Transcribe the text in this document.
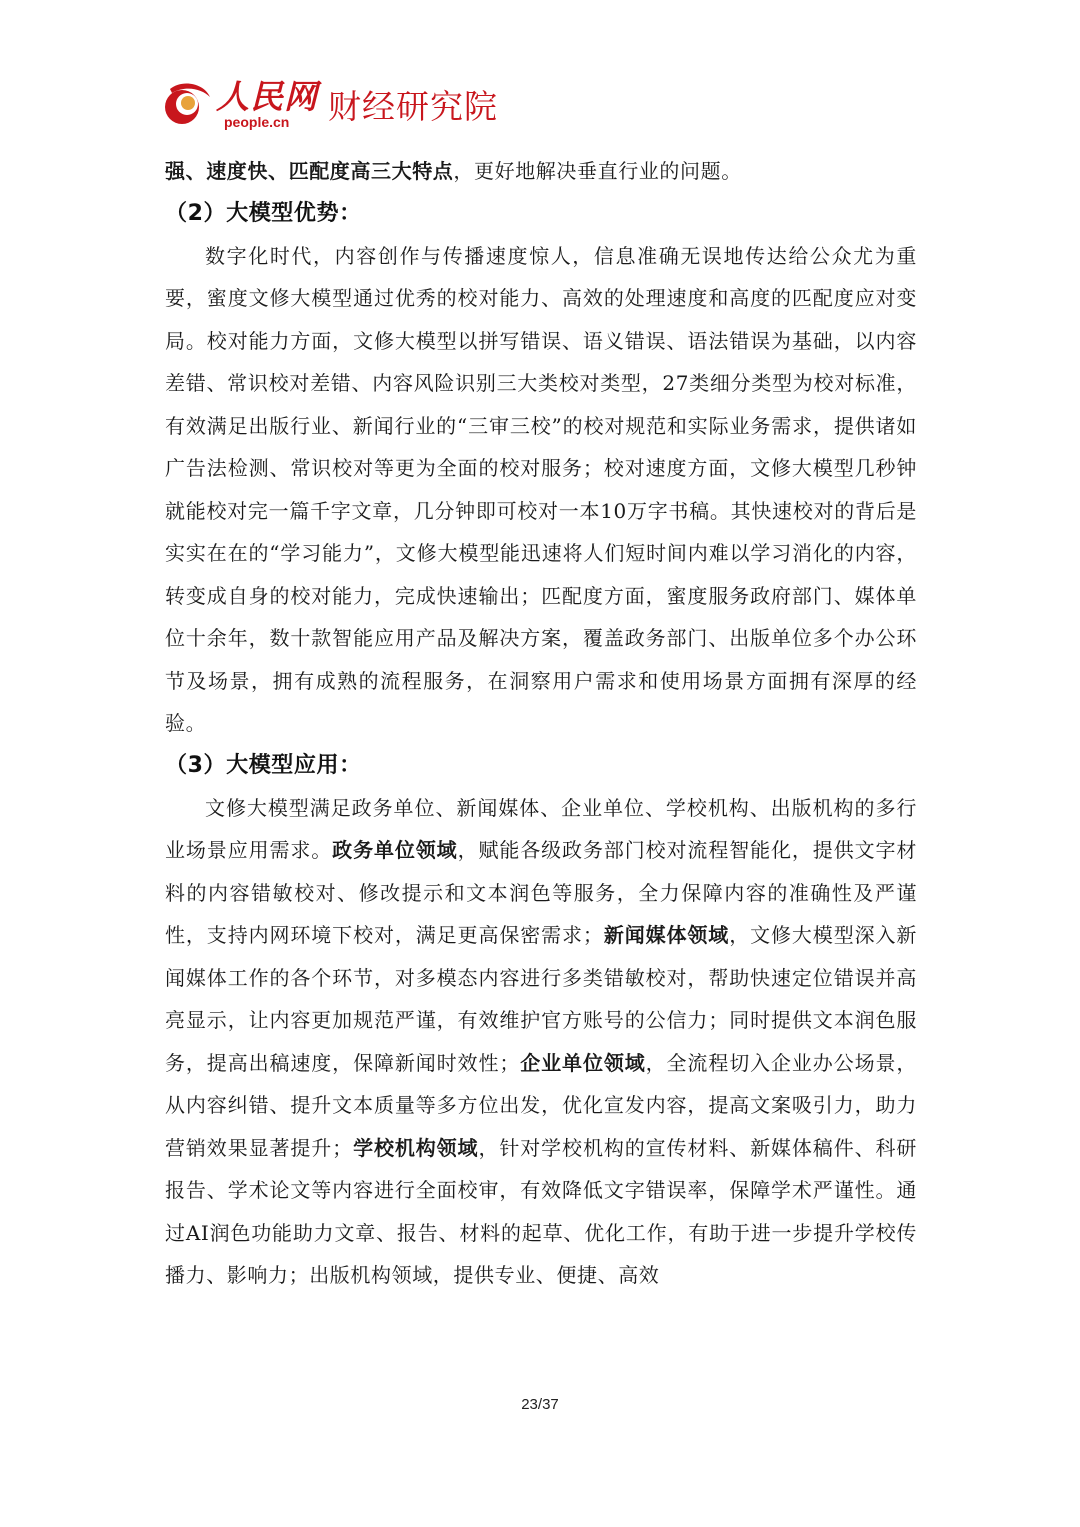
人民网
people.cn	财经研究院

强、速度快、匹配度高三大特点，更好地解决垂直行业的问题。

（2）大模型优势：

数字化时代，内容创作与传播速度惊人，信息准确无误地传达给公众尤为重要，蜜度文修大模型通过优秀的校对能力、高效的处理速度和高度的匹配度应对变局。校对能力方面，文修大模型以拼写错误、语义错误、语法错误为基础，以内容差错、常识校对差错、内容风险识别三大类校对类型，27类细分类型为校对标准，有效满足出版行业、新闻行业的“三审三校”的校对规范和实际业务需求，提供诸如广告法检测、常识校对等更为全面的校对服务；校对速度方面，文修大模型几秒钟就能校对完一篇千字文章，几分钟即可校对一本10万字书稿。其快速校对的背后是实实在在的“学习能力”，文修大模型能迅速将人们短时间内难以学习消化的内容，转变成自身的校对能力，完成快速输出；匹配度方面，蜜度服务政府部门、媒体单位十余年，数十款智能应用产品及解决方案，覆盖政务部门、出版单位多个办公环节及场景，拥有成熟的流程服务，在洞察用户需求和使用场景方面拥有深厚的经验。

（3）大模型应用：

文修大模型满足政务单位、新闻媒体、企业单位、学校机构、出版机构的多行业场景应用需求。政务单位领域，赋能各级政务部门校对流程智能化，提供文字材料的内容错敏校对、修改提示和文本润色等服务，全力保障内容的准确性及严谨性，支持内网环境下校对，满足更高保密需求；新闻媒体领域，文修大模型深入新闻媒体工作的各个环节，对多模态内容进行多类错敏校对，帮助快速定位错误并高亮显示，让内容更加规范严谨，有效维护官方账号的公信力；同时提供文本润色服务，提高出稿速度，保障新闻时效性；企业单位领域，全流程切入企业办公场景，从内容纠错、提升文本质量等多方位出发，优化宣发内容，提高文案吸引力，助力营销效果显著提升；学校机构领域，针对学校机构的宣传材料、新媒体稿件、科研报告、学术论文等内容进行全面校审，有效降低文字错误率，保障学术严谨性。通过AI润色功能助力文章、报告、材料的起草、优化工作，有助于进一步提升学校传播力、影响力；出版机构领域，提供专业、便捷、高效

23/37
